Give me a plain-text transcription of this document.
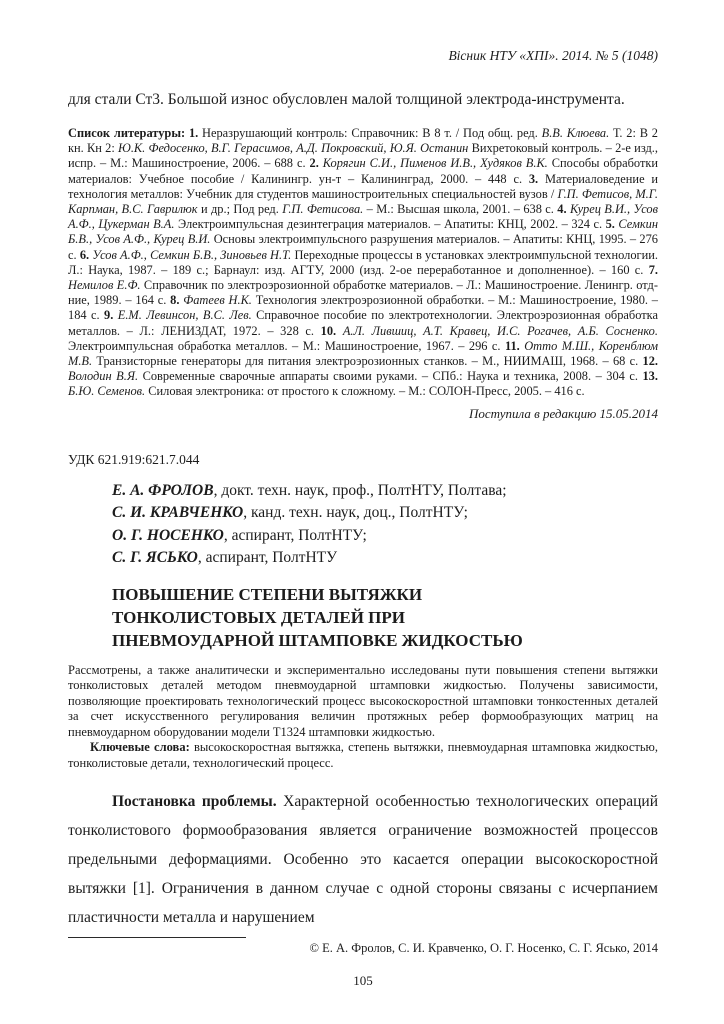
Вісник НТУ «ХПІ». 2014. № 5 (1048)
для стали Ст3. Большой износ обусловлен малой толщиной электрода-инструмента.
Список литературы: 1. Неразрушающий контроль: Справочник: В 8 т. / Под общ. ред. В.В. Клюева. Т. 2: В 2 кн. Кн 2: Ю.К. Федосенко, В.Г. Герасимов, А.Д. Покровский, Ю.Я. Останин Вихретоковый контроль. – 2-е изд., испр. – М.: Машиностроение, 2006. – 688 с. 2. Корягин С.И., Пименов И.В., Худяков В.К. Способы обработки материалов: Учебное пособие / Калинингр. ун-т – Калининград, 2000. – 448 с. 3. Материаловедение и технология металлов: Учебник для студентов машиностроительных специальностей вузов / Г.П. Фетисов, М.Г. Карпман, В.С. Гаврилюк и др.; Под ред. Г.П. Фетисова. – М.: Высшая школа, 2001. – 638 с. 4. Курец В.И., Усов А.Ф., Цукерман В.А. Электроимпульсная дезинтеграция материалов. – Апатиты: КНЦ, 2002. – 324 с. 5. Семкин Б.В., Усов А.Ф., Курец В.И. Основы электроимпульсного разрушения материалов. – Апатиты: КНЦ, 1995. – 276 с. 6. Усов А.Ф., Семкин Б.В., Зиновьев Н.Т. Переходные процессы в установках электроимпульсной технологии. Л.: Наука, 1987. – 189 с.; Барнаул: изд. АГТУ, 2000 (изд. 2-ое переработанное и дополненное). – 160 с. 7. Немилов Е.Ф. Справочник по электроэрозионной обработке материалов. – Л.: Машиностроение. Ленингр. отд-ние, 1989. – 164 с. 8. Фатеев Н.К. Технология электроэрозионной обработки. – М.: Машиностроение, 1980. – 184 с. 9. Е.М. Левинсон, В.С. Лев. Справочное пособие по электротехнологии. Электроэрозионная обработка металлов. – Л.: ЛЕНИЗДАТ, 1972. – 328 с. 10. А.Л. Лившиц, А.Т. Кравец, И.С. Рогачев, А.Б. Сосненко. Электроимпульсная обработка металлов. – М.: Машиностроение, 1967. – 296 с. 11. Отто М.Ш., Коренблюм М.В. Транзисторные генераторы для питания электроэрозионных станков. – М., НИИМАШ, 1968. – 68 с. 12. Володин В.Я. Современные сварочные аппараты своими руками. – СПб.: Наука и техника, 2008. – 304 с. 13. Б.Ю. Семенов. Силовая электроника: от простого к сложному. – М.: СОЛОН-Пресс, 2005. – 416 с.
Поступила в редакцию 15.05.2014
УДК 621.919:621.7.044
Е. А. ФРОЛОВ, докт. техн. наук, проф., ПолтНТУ, Полтава;
С. И. КРАВЧЕНКО, канд. техн. наук, доц., ПолтНТУ;
О. Г. НОСЕНКО, аспирант, ПолтНТУ;
С. Г. ЯСЬКО, аспирант, ПолтНТУ
ПОВЫШЕНИЕ СТЕПЕНИ ВЫТЯЖКИ ТОНКОЛИСТОВЫХ ДЕТАЛЕЙ ПРИ ПНЕВМОУДАРНОЙ ШТАМПОВКЕ ЖИДКОСТЬЮ
Рассмотрены, а также аналитически и экспериментально исследованы пути повышения степени вытяжки тонколистовых деталей методом пневмоударной штамповки жидкостью. Получены зависимости, позволяющие проектировать технологический процесс высокоскоростной штамповки тонкостенных деталей за счет искусственного регулирования величин протяжных ребер формообразующих матриц на пневмоударном оборудовании модели Т1324 штамповки жидкостью.
Ключевые слова: высокоскоростная вытяжка, степень вытяжки, пневмоударная штамповка жидкостью, тонколистовые детали, технологический процесс.
Постановка проблемы. Характерной особенностью технологических операций тонколистового формообразования является ограничение возможностей процессов предельными деформациями. Особенно это касается операции высокоскоростной вытяжки [1]. Ограничения в данном случае с одной стороны связаны с исчерпанием пластичности металла и нарушением
© Е. А. Фролов, С. И. Кравченко, О. Г. Носенко, С. Г. Ясько, 2014
105
